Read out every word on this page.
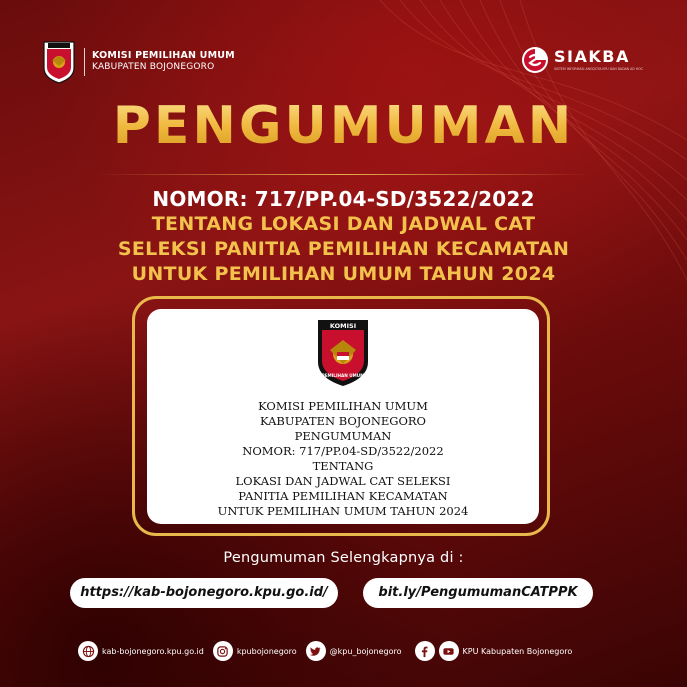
KOMISI PEMILIHAN UMUM
KABUPATEN BOJONEGORO
SIAKBA
SISTEM INFORMASI ANGGOTA KPU DAN BADAN AD HOC
PENGUMUMAN
NOMOR: 717/PP.04-SD/3522/2022
TENTANG LOKASI DAN JADWAL CAT
SELEKSI PANITIA PEMILIHAN KECAMATAN
UNTUK PEMILIHAN UMUM TAHUN 2024
KOMISI
PEMILIHAN UMUM
KOMISI PEMILIHAN UMUM
KABUPATEN BOJONEGORO
PENGUMUMAN
NOMOR: 717/PP.04-SD/3522/2022
TENTANG
LOKASI DAN JADWAL CAT SELEKSI
PANITIA PEMILIHAN KECAMATAN
UNTUK PEMILIHAN UMUM TAHUN 2024
Pengumuman Selengkapnya di :
https://kab-bojonegoro.kpu.go.id/	bit.ly/PengumumanCATPPK
kab-bojonegoro.kpu.go.id	kpubojonegoro	@kpu_bojonegoro	KPU Kabupaten Bojonegoro
